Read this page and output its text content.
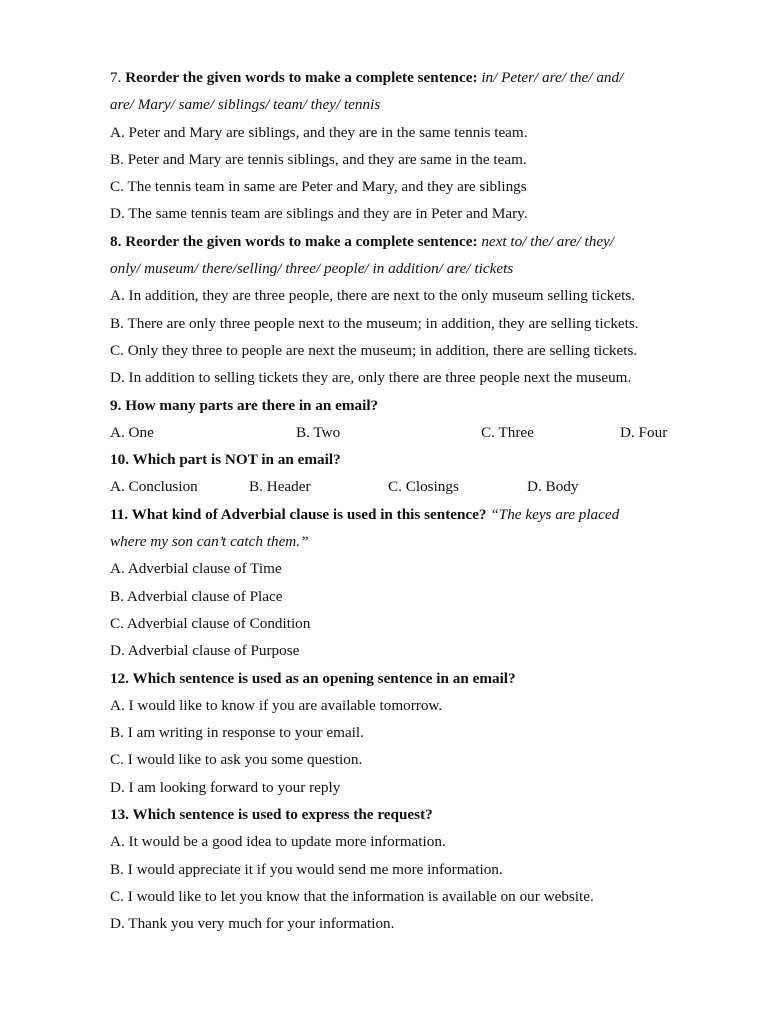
7. Reorder the given words to make a complete sentence: in/ Peter/ are/ the/ and/
are/ Mary/ same/ siblings/ team/ they/ tennis
A. Peter and Mary are siblings, and they are in the same tennis team.
B. Peter and Mary are tennis siblings, and they are same in the team.
C. The tennis team in same are Peter and Mary, and they are siblings
D. The same tennis team are siblings and they are in Peter and Mary.
8. Reorder the given words to make a complete sentence: next to/ the/ are/ they/
only/ museum/ there/selling/ three/ people/ in addition/ are/ tickets
A. In addition, they are three people, there are next to the only museum selling tickets.
B. There are only three people next to the museum; in addition, they are selling tickets.
C. Only they three to people are next the museum; in addition, there are selling tickets.
D. In addition to selling tickets they are, only there are three people next the museum.
9. How many parts are there in an email?
A. One	B. Two	C. Three	D. Four
10. Which part is NOT in an email?
A. Conclusion	B. Header	C. Closings	D. Body
11. What kind of Adverbial clause is used in this sentence? “The keys are placed
where my son can’t catch them.”
A. Adverbial clause of Time
B. Adverbial clause of Place
C. Adverbial clause of Condition
D. Adverbial clause of Purpose
12. Which sentence is used as an opening sentence in an email?
A. I would like to know if you are available tomorrow.
B. I am writing in response to your email.
C. I would like to ask you some question.
D. I am looking forward to your reply
13. Which sentence is used to express the request?
A. It would be a good idea to update more information.
B. I would appreciate it if you would send me more information.
C. I would like to let you know that the information is available on our website.
D. Thank you very much for your information.
